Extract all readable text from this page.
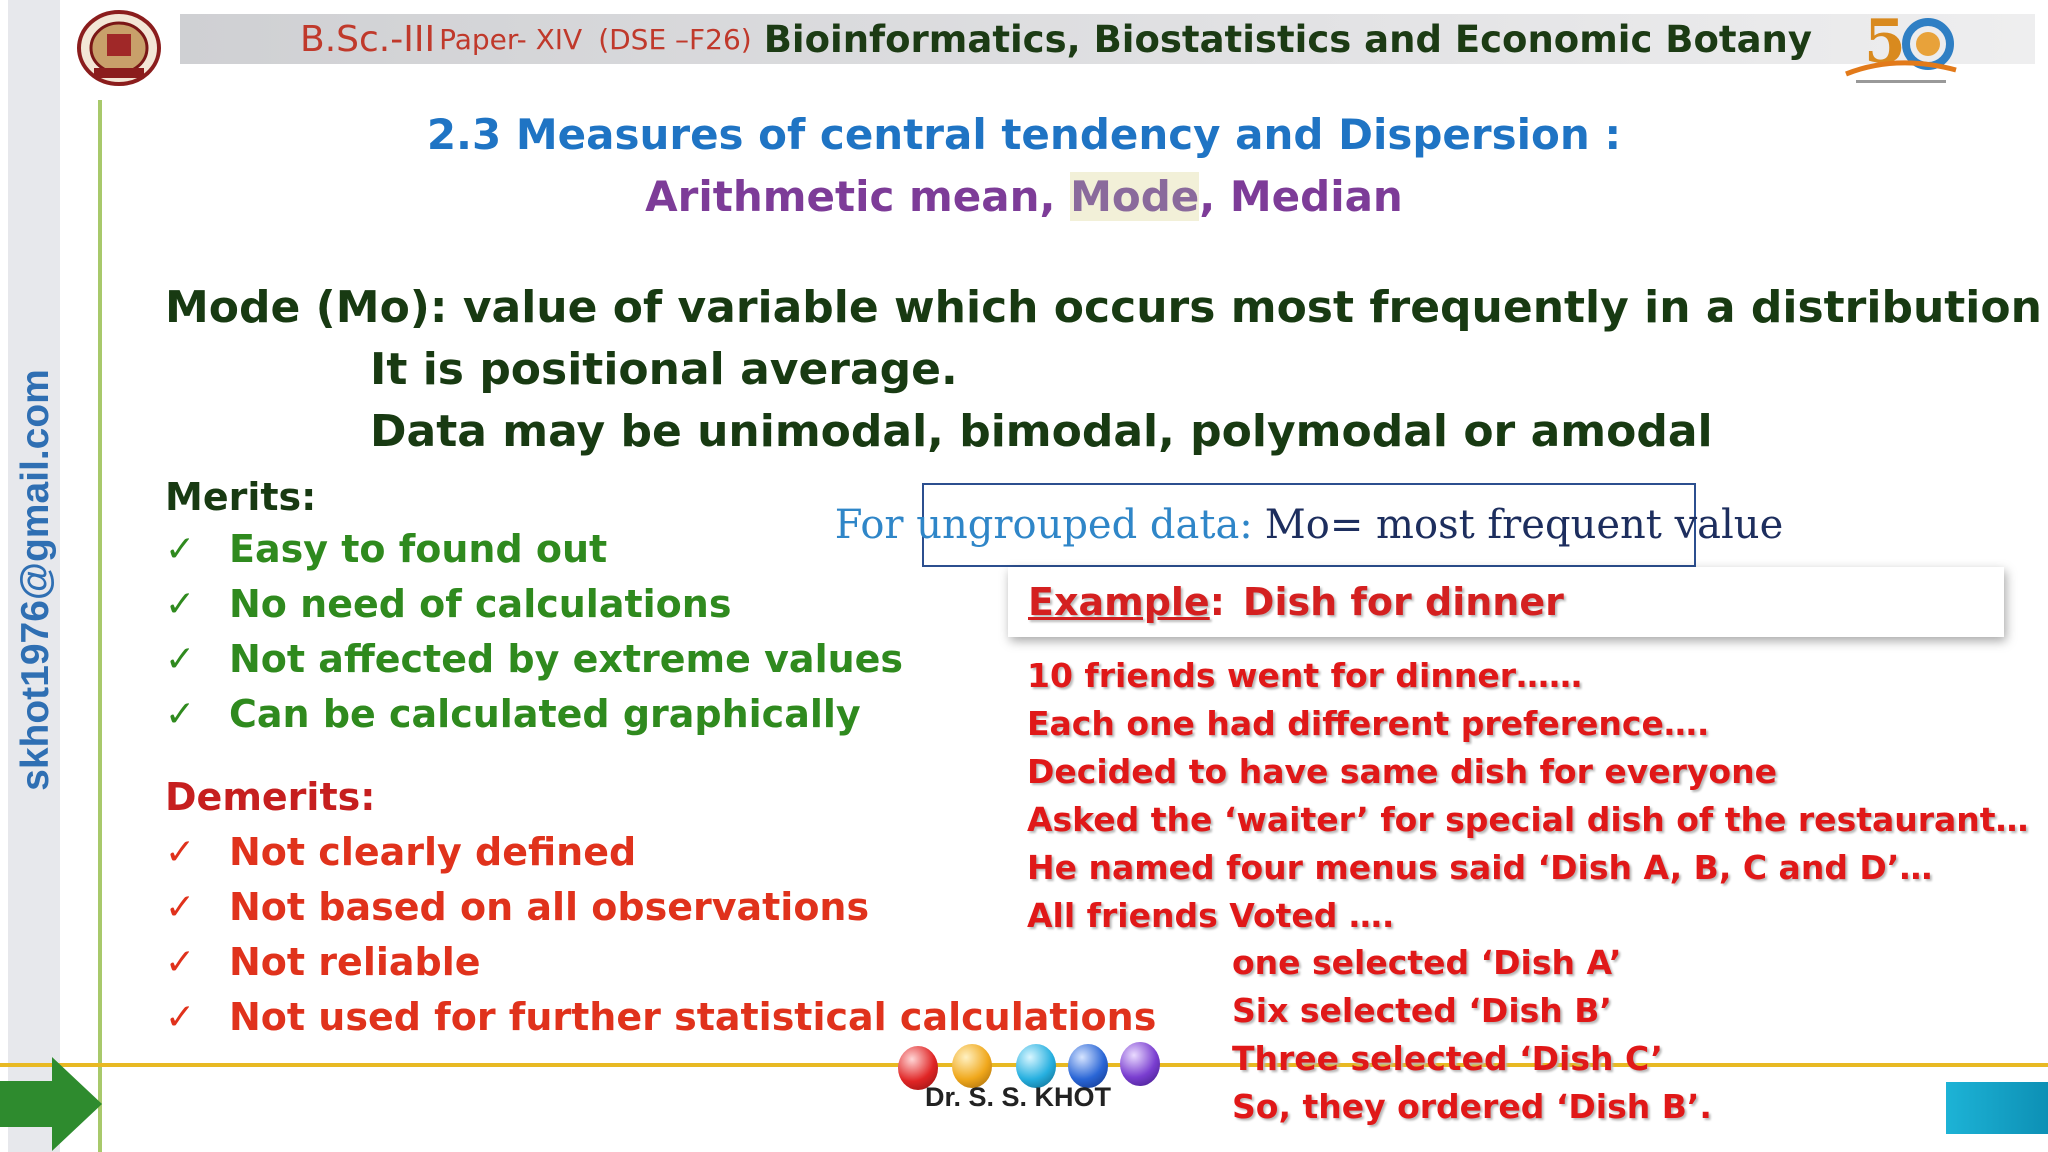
skhot1976@gmail.com
B.Sc.-III Paper- XIV (DSE –F26) Bioinformatics, Biostatistics and Economic Botany 5
2.3 Measures of central tendency and Dispersion :
Arithmetic mean, Mode, Median
Mode (Mo): value of variable which occurs most frequently in a distribution
It is positional average.
Data may be unimodal, bimodal, polymodal or amodal
Merits:
✓ Easy to found out
✓ No need of calculations
✓ Not affected by extreme values
✓ Can be calculated graphically
Demerits:
✓ Not clearly defined
✓ Not based on all observations
✓ Not reliable
✓ Not used for further statistical calculations
For ungrouped data: Mo= most frequent value
Example : Dish for dinner
10 friends went for dinner……
Each one had different preference….
Decided to have same dish for everyone
Asked the ‘waiter’ for special dish of the restaurant…
He named four menus said ‘Dish A, B, C and D’…
All friends Voted ….
Dr. S. S. KHOT
one selected ‘Dish A’
Six selected ‘Dish B’
Three selected ‘Dish C’
So, they ordered ‘Dish B’.
